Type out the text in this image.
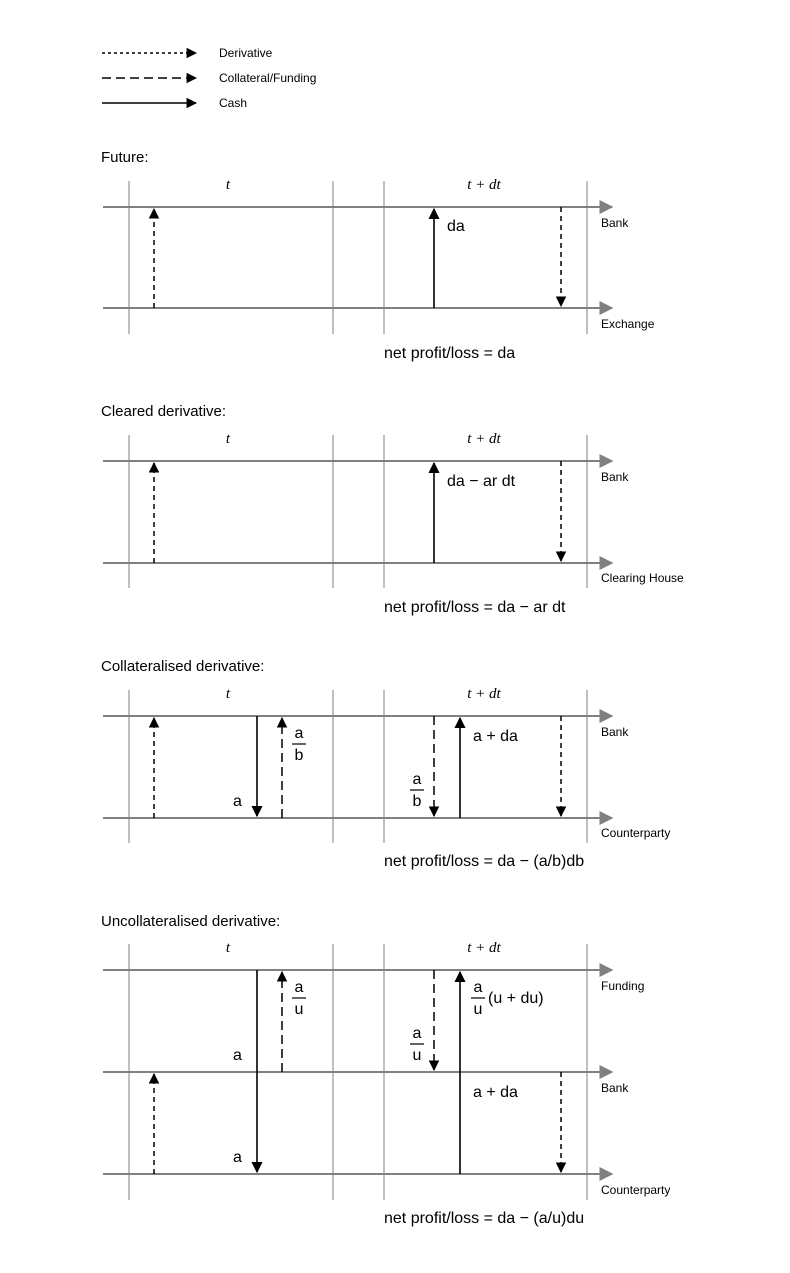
Derivative
Collateral/Funding
Cash
Future:
t	t + dt
Bank
Exchange
da
net profit/loss = da
Cleared derivative:
t	t + dt
Bank
Clearing House
da − ar dt
net profit/loss = da − ar dt
Collateralised derivative:
t	t + dt
Bank
Counterparty
a
a
b
a
b
a + da
net profit/loss = da − (a/b)db
Uncollateralised derivative:
t	t + dt
Funding
Bank
Counterparty
a
a
a
u
a
u
a
u
(u + du)
a + da
net profit/loss = da − (a/u)du
